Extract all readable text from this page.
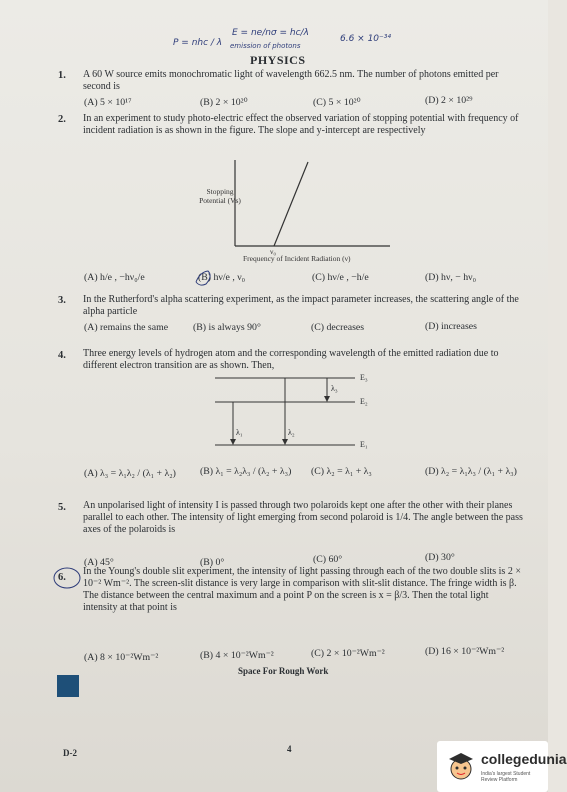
P = nhc / λ
E = ne/nσ = hc/λ
emission of photons
6.6 × 10⁻³⁴
PHYSICS
1. A 60 W source emits monochromatic light of wavelength 662.5 nm. The number of photons emitted per second is
(A) 5 × 10¹⁷	(B) 2 × 10²⁰	(C) 5 × 10²⁰	(D) 2 × 10²⁹
2. In an experiment to study photo-electric effect the observed variation of stopping potential with frequency of incident radiation is as shown in the figure. The slope and y-intercept are respectively
Stopping Potential (Vs)
Frequency of Incident Radiation (ν)
ν₀
(A) h/e , −hν₀/e	(B) hν/e , ν₀	(C) hν/e , −h/e	(D) hν, − hν₀
3. In the Rutherford's alpha scattering experiment, as the impact parameter increases, the scattering angle of the alpha particle
(A) remains the same	(B) is always 90°	(C) decreases	(D) increases
4. Three energy levels of hydrogen atom and the corresponding wavelength of the emitted radiation due to different electron transition are as shown. Then,
E₃
E₂
E₁
λ₃
λ₁	λ₂
(A) λ₃ = λ₁λ₂ / (λ₁ + λ₂) (B) λ₁ = λ₂λ₃ / (λ₂ + λ₃) (C) λ₂ = λ₁ + λ₃	(D) λ₂ = λ₁λ₃ / (λ₁ + λ₃)
5. An unpolarised light of intensity I is passed through two polaroids kept one after the other with their planes parallel to each other. The intensity of light emerging from second polaroid is 1/4. The angle between the pass axes of the polaroids is
(A) 45°	(B) 0°	(C) 60°	(D) 30°
6.
In the Young's double slit experiment, the intensity of light passing through each of the two double slits is 2 × 10⁻² Wm⁻². The screen-slit distance is very large in comparison with slit-slit distance. The fringe width is β. The distance between the central maximum and a point P on the screen is x = β/3. Then the total light intensity at that point is
(A) 8 × 10⁻²Wm⁻²	(B) 4 × 10⁻²Wm⁻²	(C) 2 × 10⁻²Wm⁻²	(D) 16 × 10⁻²Wm⁻²
Space For Rough Work
D-2	4
collegedunia
India's largest Student Review Platform
